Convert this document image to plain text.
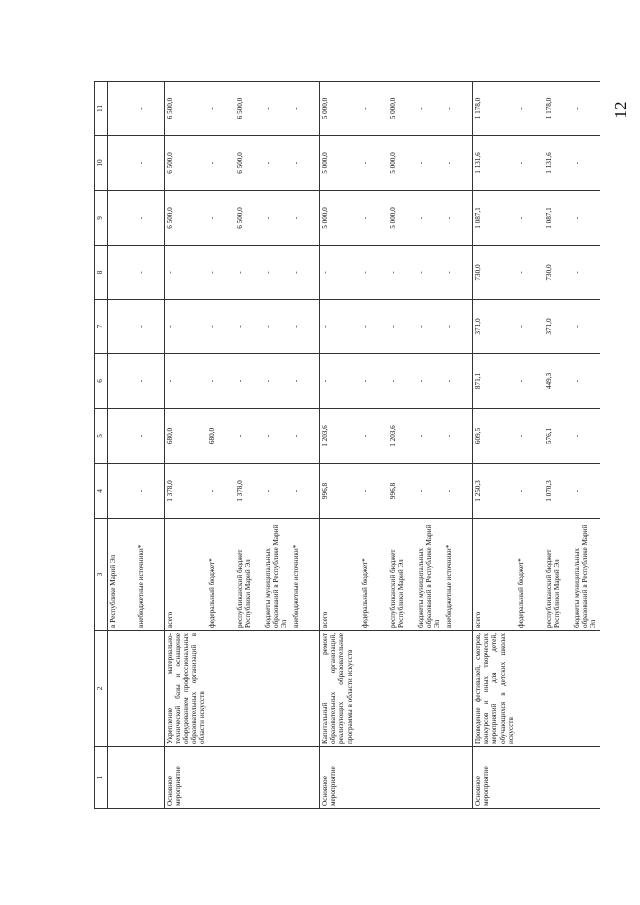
12
1	2	3	4	5	6	7	8	9	10	11
		в Республике Марий Эл								
		внебюджетные источники*	-	-	-	-	-	-	-	-
Основное мероприятие	Укрепление материально-технической базы и оснащение оборудованием профессиональных образовательных организаций в области искусств	всего	1 378,0	680,0	-	-	-	6 500,0	6 500,0	6 500,0
		федеральный бюджет*	-	680,0	-	-	-	-	-	-
		республиканский бюджет Республики Марий Эл	1 378,0	-	-	-	-	6 500,0	6 500,0	6 500,0
		бюджеты муниципальных образований в Республике Марий Эл	-	-	-	-	-	-	-	-
		внебюджетные источники*	-	-	-	-	-	-	-	-
Основное мероприятие	Капитальный ремонт образовательных организаций, реализующих образовательные программы в области искусств	всего	996,8	1 203,6	-	-	-	5 000,0	5 000,0	5 000,0
		федеральный бюджет*	-	-	-	-	-	-	-	-
		республиканский бюджет Республики Марий Эл	996,8	1 203,6	-	-	-	5 000,0	5 000,0	5 000,0
		бюджеты муниципальных образований в Республике Марий Эл	-	-	-	-	-	-	-	-
		внебюджетные источники*	-	-	-	-	-	-	-	-
Основное мероприятие	Проведение фестивалей, смотров, конкурсов и иных творческих мероприятий для детей, обучающихся в детских школах искусств	всего	1 250,3	609,5	871,1	371,0	730,0	1 087,1	1 131,6	1 178,0
		федеральный бюджет*	-	-	-	-	-	-	-	-
		республиканский бюджет Республики Марий Эл	1 070,3	576,1	449,3	371,0	730,0	1 087,1	1 131,6	1 178,0
		бюджеты муниципальных образований в Республике Марий Эл	-	-	-	-	-	-	-	-
